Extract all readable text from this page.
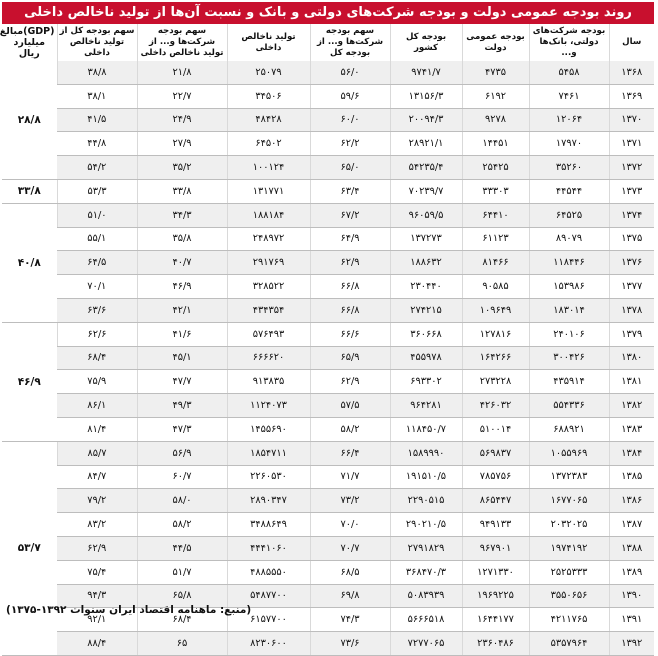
روند بودجه عمومی دولت و بودجه شرکت‌های دولتی و بانک و نسبت آن‌ها از تولید ناخالص داخلی
سال	بودجه شرکت‌های دولتی، بانک‌ها و...	بودجه عمومی دولت	بودجه کل کشور	سهم بودجه شرکت‌ها و... از بودجه کل	تولید ناخالص داخلی	سهم بودجه شرکت‌ها و... از تولید ناخالص داخلی	سهم بودجه کل از تولید ناخالص داخلی	(GDP)مبالغ میلیارد ریال
۱۳۶۸	۵۴۵۸	۴۷۳۵	۹۷۴۱/۷	۵۶/۰	۲۵۰۷۹	۲۱/۸	۳۸/۸	۲۸/۸
۱۳۶۹	۷۴۶۱	۶۱۹۲	۱۳۱۵۶/۳	۵۹/۶	۳۴۵۰۶	۲۲/۷	۳۸/۱	
۱۳۷۰	۱۲۰۶۴	۹۲۷۸	۲۰۰۹۴/۳	۶۰/۰	۴۸۴۲۸	۲۴/۹	۴۱/۵	
۱۳۷۱	۱۷۹۷۰	۱۴۴۵۱	۲۸۹۲۱/۱	۶۲/۲	۶۴۵۰۲	۲۷/۹	۴۴/۸	
۱۳۷۲	۳۵۲۶۰	۲۵۴۲۵	۵۴۲۳۵/۴	۶۵/۰	۱۰۰۱۲۴	۳۵/۲	۵۴/۲	
۱۳۷۳	۴۴۵۴۴	۳۳۳۰۳	۷۰۲۳۹/۷	۶۳/۴	۱۳۱۷۷۱	۳۳/۸	۵۳/۳	۳۳/۸
۱۳۷۴	۶۴۵۲۵	۶۴۴۱۰	۹۶۰۵۹/۵	۶۷/۲	۱۸۸۱۸۴	۳۴/۳	۵۱/۰	۴۰/۸
۱۳۷۵	۸۹۰۷۹	۶۱۱۲۳	۱۳۷۲۷۳	۶۴/۹	۲۴۸۹۷۲	۳۵/۸	۵۵/۱	
۱۳۷۶	۱۱۸۴۴۶	۸۱۴۶۶	۱۸۸۶۳۲	۶۲/۹	۲۹۱۷۶۹	۴۰/۷	۶۴/۵	
۱۳۷۷	۱۵۳۹۸۶	۹۰۵۸۵	۲۳۰۴۴۰	۶۶/۸	۳۲۸۵۲۲	۴۶/۹	۷۰/۱	
۱۳۷۸	۱۸۳۰۱۴	۱۰۹۶۴۹	۲۷۴۲۱۵	۶۶/۸	۴۳۴۳۵۴	۴۲/۱	۶۳/۶	
۱۳۷۹	۲۴۰۱۰۶	۱۲۷۸۱۶	۳۶۰۶۶۸	۶۶/۶	۵۷۶۴۹۳	۴۱/۶	۶۲/۶	۴۶/۹
۱۳۸۰	۳۰۰۴۲۶	۱۶۴۲۶۶	۴۵۵۹۷۸	۶۵/۹	۶۶۶۶۲۰	۴۵/۱	۶۸/۴	
۱۳۸۱	۴۳۵۹۱۴	۲۷۳۲۲۸	۶۹۳۳۰۲	۶۲/۹	۹۱۳۸۳۵	۴۷/۷	۷۵/۹	
۱۳۸۲	۵۵۴۳۳۶	۴۲۶۰۳۲	۹۶۴۲۸۱	۵۷/۵	۱۱۲۴۰۷۳	۴۹/۳	۸۶/۱	
۱۳۸۳	۶۸۸۹۲۱	۵۱۰۰۱۴	۱۱۸۴۵۰/۷	۵۸/۲	۱۴۵۵۶۹۰	۴۷/۳	۸۱/۴	
۱۳۸۴	۱۰۵۵۹۶۹	۵۶۹۸۳۷	۱۵۸۹۹۹۰	۶۶/۴	۱۸۵۴۷۱۱	۵۶/۹	۸۵/۷	۵۳/۷
۱۳۸۵	۱۳۷۲۳۸۳	۷۸۵۷۵۶	۱۹۱۵۱۰/۵	۷۱/۷	۲۲۶۰۵۳۰	۶۰/۷	۸۴/۷	
۱۳۸۶	۱۶۷۷۰۶۵	۸۶۵۴۴۷	۲۲۹۰۵۱۵	۷۳/۲	۲۸۹۰۳۴۷	۵۸/۰	۷۹/۲	
۱۳۸۷	۲۰۳۲۰۲۵	۹۴۹۱۳۳	۲۹۰۲۱۰/۵	۷۰/۰	۳۴۸۸۶۴۹	۵۸/۲	۸۳/۲	
۱۳۸۸	۱۹۷۴۱۹۲	۹۶۷۹۰۱	۲۷۹۱۸۲۹	۷۰/۷	۴۴۴۱۰۶۰	۴۴/۵	۶۲/۹	
۱۳۸۹	۲۵۲۵۳۳۳	۱۲۷۱۳۳۰	۳۶۸۴۷۰/۳	۶۸/۵	۴۸۸۵۵۵۰	۵۱/۷	۷۵/۴	
۱۳۹۰	۳۵۵۰۶۵۶	۱۹۶۹۲۲۵	۵۰۸۳۹۳۹	۶۹/۸	۵۴۸۷۷۰۰	۶۵/۸	۹۴/۳	
۱۳۹۱	۴۲۱۱۷۶۵	۱۶۴۴۱۷۷	۵۶۶۶۵۱۸	۷۴/۳	۶۱۵۷۷۰۰	۶۸/۴	۹۲/۱	
۱۳۹۲	۵۳۵۷۹۶۴	۲۳۶۰۴۸۶	۷۲۷۷۰۶۵	۷۳/۶	۸۲۳۰۶۰۰	۶۵	۸۸/۴	
(منبع: ماهنامه اقتصاد ایران سنوات ۱۳۹۲-۱۳۷۵)
